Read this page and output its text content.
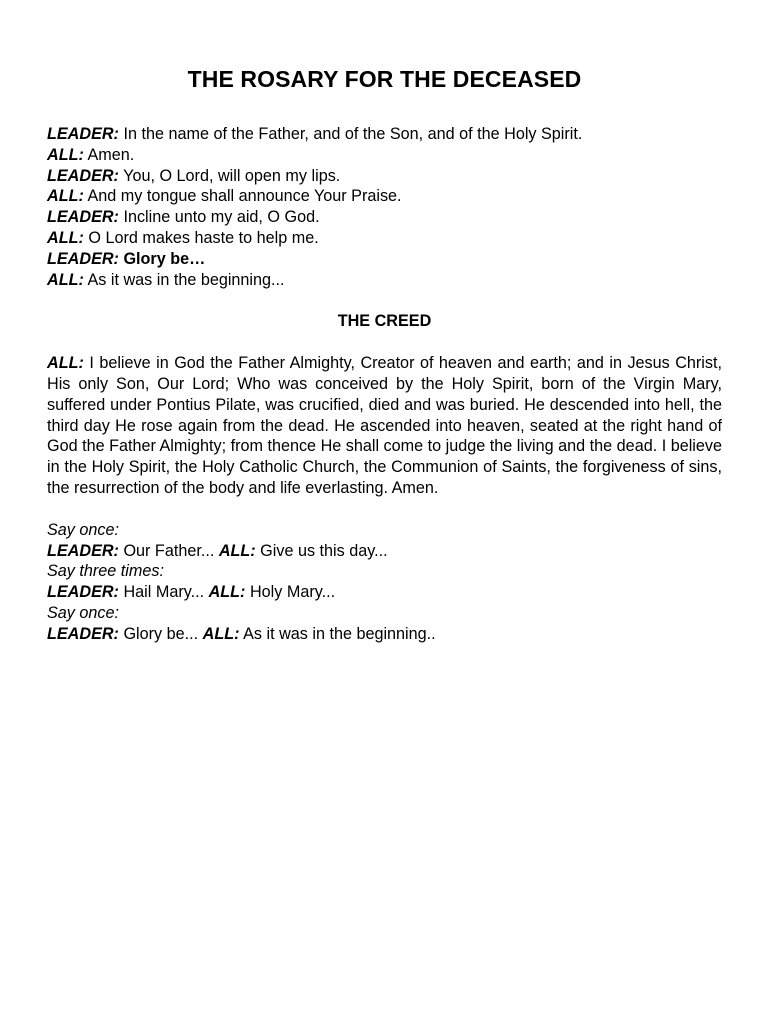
THE ROSARY FOR THE DECEASED
LEADER: In the name of the Father, and of the Son, and of the Holy Spirit.
ALL: Amen.
LEADER: You, O Lord, will open my lips.
ALL: And my tongue shall announce Your Praise.
LEADER: Incline unto my aid, O God.
ALL: O Lord makes haste to help me.
LEADER: Glory be…
ALL: As it was in the beginning...
THE CREED

ALL: I believe in God the Father Almighty, Creator of heaven and earth; and in Jesus Christ, His only Son, Our Lord; Who was conceived by the Holy Spirit, born of the Virgin Mary, suffered under Pontius Pilate, was crucified, died and was buried. He descended into hell, the third day He rose again from the dead. He ascended into heaven, seated at the right hand of God the Father Almighty; from thence He shall come to judge the living and the dead. I believe in the Holy Spirit, the Holy Catholic Church, the Communion of Saints, the forgiveness of sins, the resurrection of the body and life everlasting. Amen.

Say once:
LEADER: Our Father... ALL: Give us this day...
Say three times:
LEADER: Hail Mary... ALL: Holy Mary...
Say once:
LEADER: Glory be... ALL: As it was in the beginning..
